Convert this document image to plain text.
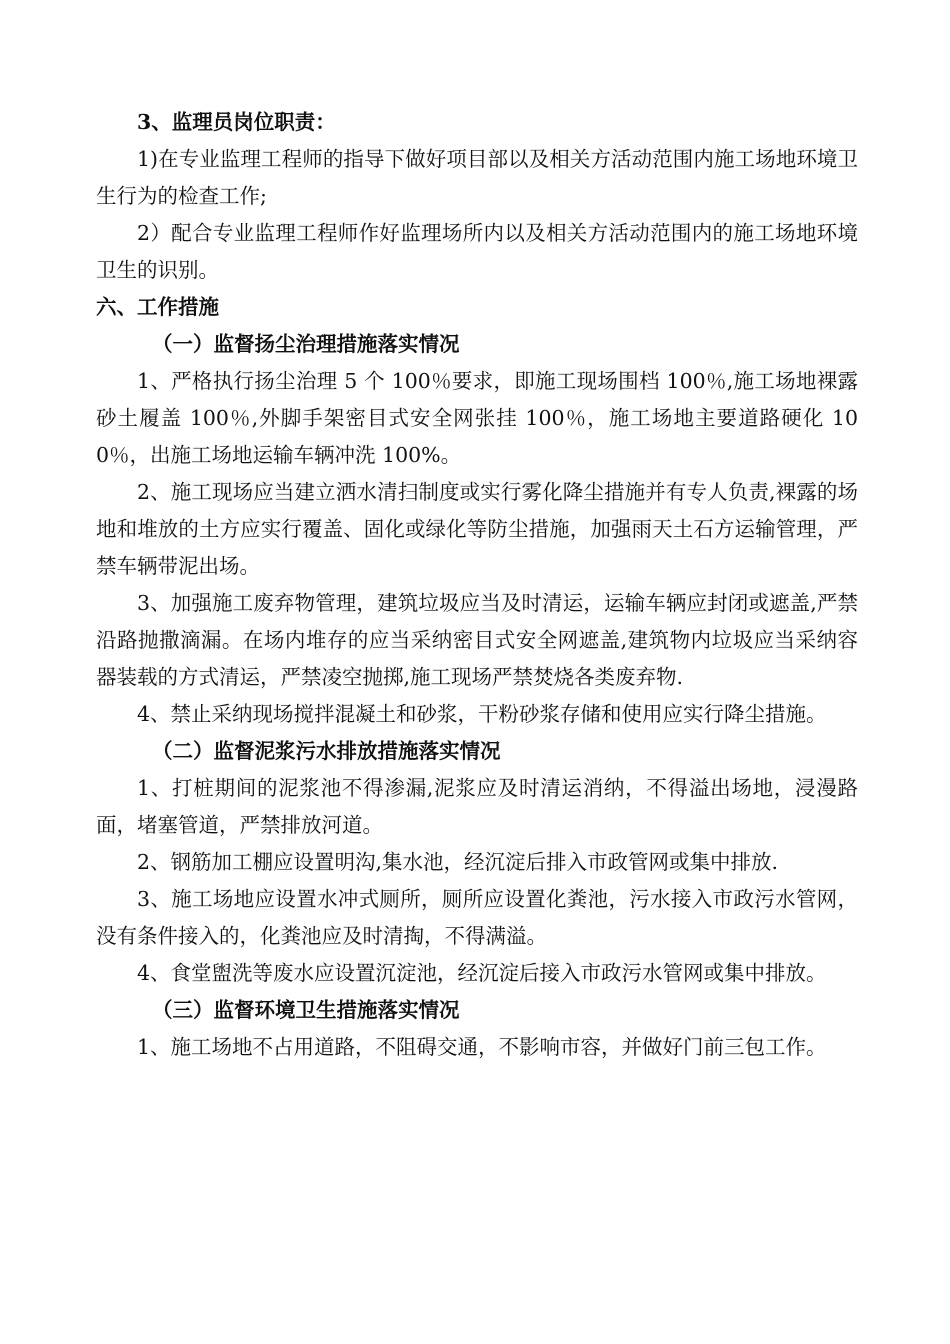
3、监理员岗位职责：

1)在专业监理工程师的指导下做好项目部以及相关方活动范围内施工场地环境卫生行为的检查工作;

2）配合专业监理工程师作好监理场所内以及相关方活动范围内的施工场地环境卫生的识别。

六、工作措施

（一）监督扬尘治理措施落实情况

1、严格执行扬尘治理 5 个 100％要求，即施工现场围档 100％,施工场地裸露砂土履盖 100％,外脚手架密目式安全网张挂 100％，施工场地主要道路硬化 100％，出施工场地运输车辆冲洗 100%。

2、施工现场应当建立洒水清扫制度或实行雾化降尘措施并有专人负责,裸露的场地和堆放的土方应实行覆盖、固化或绿化等防尘措施，加强雨天土石方运输管理，严禁车辆带泥出场。

3、加强施工废弃物管理，建筑垃圾应当及时清运，运输车辆应封闭或遮盖,严禁沿路抛撒滴漏。在场内堆存的应当采纳密目式安全网遮盖,建筑物内垃圾应当采纳容器装载的方式清运，严禁凌空抛掷,施工现场严禁焚烧各类废弃物.

4、禁止采纳现场搅拌混凝土和砂浆，干粉砂浆存储和使用应实行降尘措施。

（二）监督泥浆污水排放措施落实情况

1、打桩期间的泥浆池不得渗漏,泥浆应及时清运消纳，不得溢出场地，浸漫路面，堵塞管道，严禁排放河道。

2、钢筋加工棚应设置明沟,集水池，经沉淀后排入市政管网或集中排放.

3、施工场地应设置水冲式厕所，厕所应设置化粪池，污水接入市政污水管网，没有条件接入的，化粪池应及时清掏，不得满溢。

4、食堂盥洗等废水应设置沉淀池，经沉淀后接入市政污水管网或集中排放。

（三）监督环境卫生措施落实情况

1、施工场地不占用道路，不阻碍交通，不影响市容，并做好门前三包工作。
